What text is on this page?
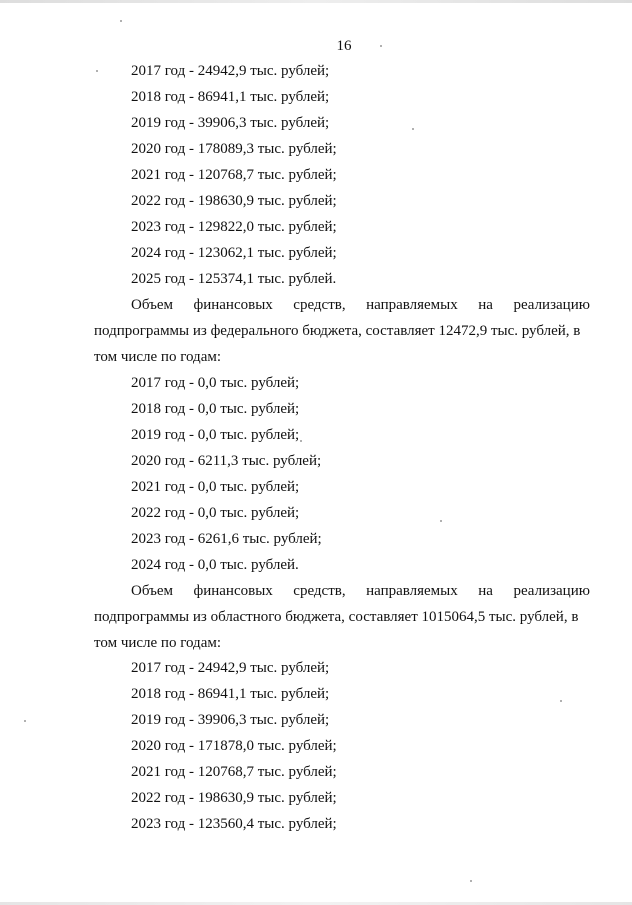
16
2017 год - 24942,9 тыс. рублей;
2018 год - 86941,1 тыс. рублей;
2019 год - 39906,3 тыс. рублей;
2020 год - 178089,3 тыс. рублей;
2021 год - 120768,7 тыс. рублей;
2022 год - 198630,9 тыс. рублей;
2023 год - 129822,0 тыс. рублей;
2024 год - 123062,1 тыс. рублей;
2025 год - 125374,1 тыс. рублей.
Объем финансовых средств, направляемых на реализацию
подпрограммы из федерального бюджета, составляет 12472,9 тыс. рублей, в
том числе по годам:
2017 год - 0,0 тыс. рублей;
2018 год - 0,0 тыс. рублей;
2019 год - 0,0 тыс. рублей;
2020 год - 6211,3 тыс. рублей;
2021 год - 0,0 тыс. рублей;
2022 год - 0,0 тыс. рублей;
2023 год - 6261,6 тыс. рублей;
2024 год - 0,0 тыс. рублей.
Объем финансовых средств, направляемых на реализацию
подпрограммы из областного бюджета, составляет 1015064,5 тыс. рублей, в
том числе по годам:
2017 год - 24942,9 тыс. рублей;
2018 год - 86941,1 тыс. рублей;
2019 год - 39906,3 тыс. рублей;
2020 год - 171878,0 тыс. рублей;
2021 год - 120768,7 тыс. рублей;
2022 год - 198630,9 тыс. рублей;
2023 год - 123560,4 тыс. рублей;
